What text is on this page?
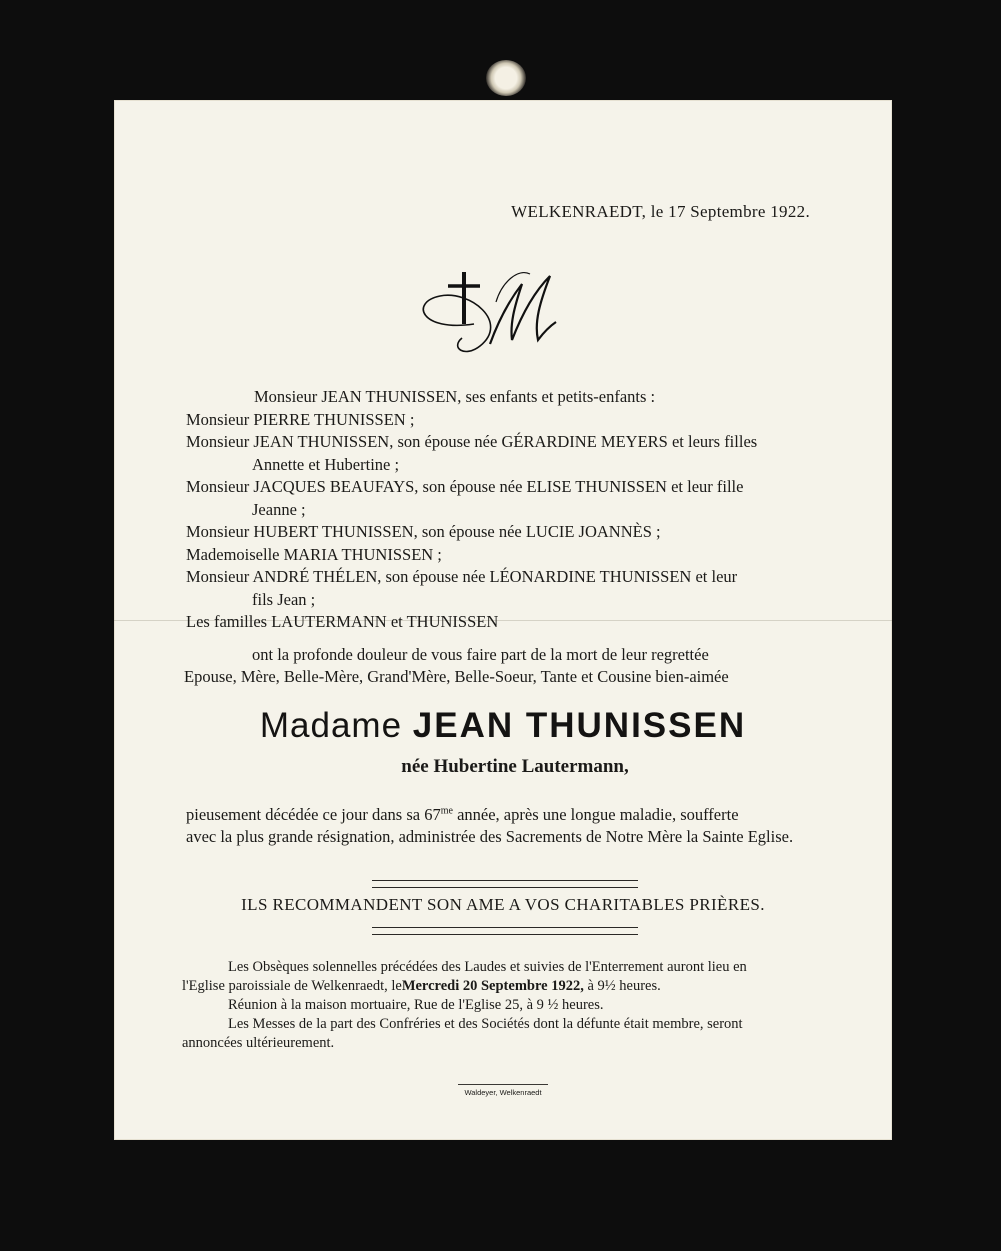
WELKENRAEDT, le 17 Septembre 1922.
Monsieur JEAN THUNISSEN, ses enfants et petits-enfants :
Monsieur PIERRE THUNISSEN ;
Monsieur JEAN THUNISSEN, son épouse née GÉRARDINE MEYERS et leurs filles
Annette et Hubertine ;
Monsieur JACQUES BEAUFAYS, son épouse née ELISE THUNISSEN et leur fille
Jeanne ;
Monsieur HUBERT THUNISSEN, son épouse née LUCIE JOANNÈS ;
Mademoiselle MARIA THUNISSEN ;
Monsieur ANDRÉ THÉLEN, son épouse née LÉONARDINE THUNISSEN et leur
fils Jean ;
Les familles LAUTERMANN et THUNISSEN
ont la profonde douleur de vous faire part de la mort de leur regrettée
Epouse, Mère, Belle-Mère, Grand'Mère, Belle-Soeur, Tante et Cousine bien-aimée
Madame JEAN THUNISSEN
née Hubertine Lautermann,
pieusement décédée ce jour dans sa $67^{me}$ année, après une longue maladie, soufferte
avec la plus grande résignation, administrée des Sacrements de Notre Mère la Sainte Eglise.
ILS RECOMMANDENT SON AME A VOS CHARITABLES PRIÈRES.
Les Obsèques solennelles précédées des Laudes et suivies de l'Enterrement auront lieu en
l'Eglise paroissiale de Welkenraedt, le Mercredi 20 Septembre 1922, à 9½ heures.
Réunion à la maison mortuaire, Rue de l'Eglise 25, à 9 ½ heures.
Les Messes de la part des Confréries et des Sociétés dont la défunte était membre, seront
annoncées ultérieurement.
Waldeyer, Welkenraedt
